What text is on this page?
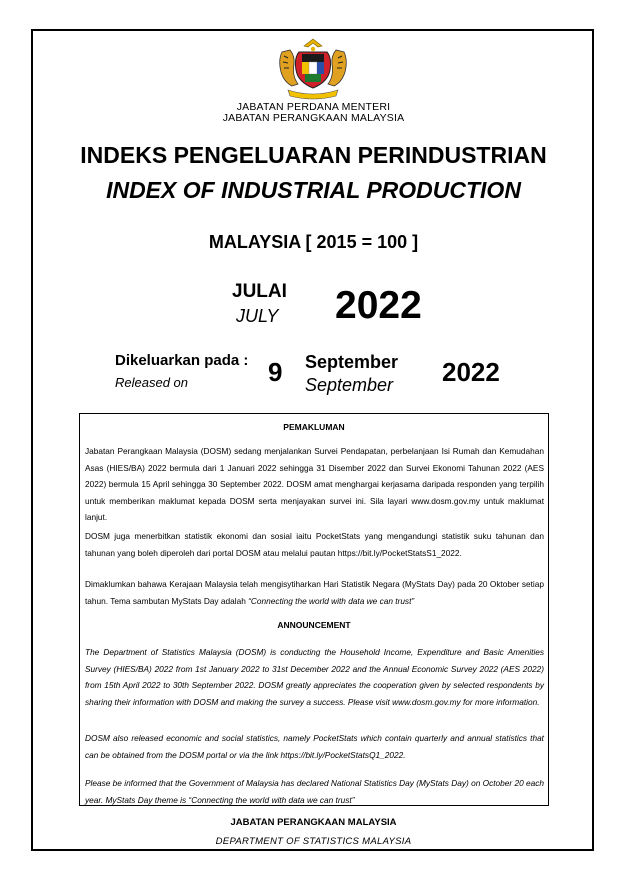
JABATAN PERDANA MENTERI
JABATAN PERANGKAAN MALAYSIA
INDEKS PENGELUARAN PERINDUSTRIAN
INDEX OF INDUSTRIAL PRODUCTION
MALAYSIA [ 2015 = 100 ]
JULAI
JULY 2022
Dikeluarkan pada :
Released on	9 September
September 2022
PEMAKLUMAN

Jabatan Perangkaan Malaysia (DOSM) sedang menjalankan Survei Pendapatan, perbelanjaan Isi Rumah dan Kemudahan Asas (HIES/BA) 2022 bermula dari 1 Januari 2022 sehingga 31 Disember 2022 dan Survei Ekonomi Tahunan 2022 (AES 2022) bermula 15 April sehingga 30 September 2022. DOSM amat menghargai kerjasama daripada responden yang terpilih untuk memberikan maklumat kepada DOSM serta menjayakan survei ini. Sila layari www.dosm.gov.my untuk maklumat lanjut.

DOSM juga menerbitkan statistik ekonomi dan sosial iaitu PocketStats yang mengandungi statistik suku tahunan dan tahunan yang boleh diperoleh dari portal DOSM atau melalui pautan https://bit.ly/PocketStatsS1_2022.

Dimaklumkan bahawa Kerajaan Malaysia telah mengisytiharkan Hari Statistik Negara (MyStats Day) pada 20 Oktober setiap tahun. Tema sambutan MyStats Day adalah “Connecting the world with data we can trust”

ANNOUNCEMENT

The Department of Statistics Malaysia (DOSM) is conducting the Household Income, Expenditure and Basic Amenities Survey (HIES/BA) 2022 from 1st January 2022 to 31st December 2022 and the Annual Economic Survey 2022 (AES 2022) from 15th April 2022 to 30th September 2022. DOSM greatly appreciates the cooperation given by selected respondents by sharing their information with DOSM and making the survey a success. Please visit www.dosm.gov.my for more information.

DOSM also released economic and social statistics, namely PocketStats which contain quarterly and annual statistics that can be obtained from the DOSM portal or via the link https://bit.ly/PocketStatsQ1_2022.

Please be informed that the Government of Malaysia has declared National Statistics Day (MyStats Day) on October 20 each year. MyStats Day theme is “Connecting the world with data we can trust”

JABATAN PERANGKAAN MALAYSIA
DEPARTMENT OF STATISTICS MALAYSIA
